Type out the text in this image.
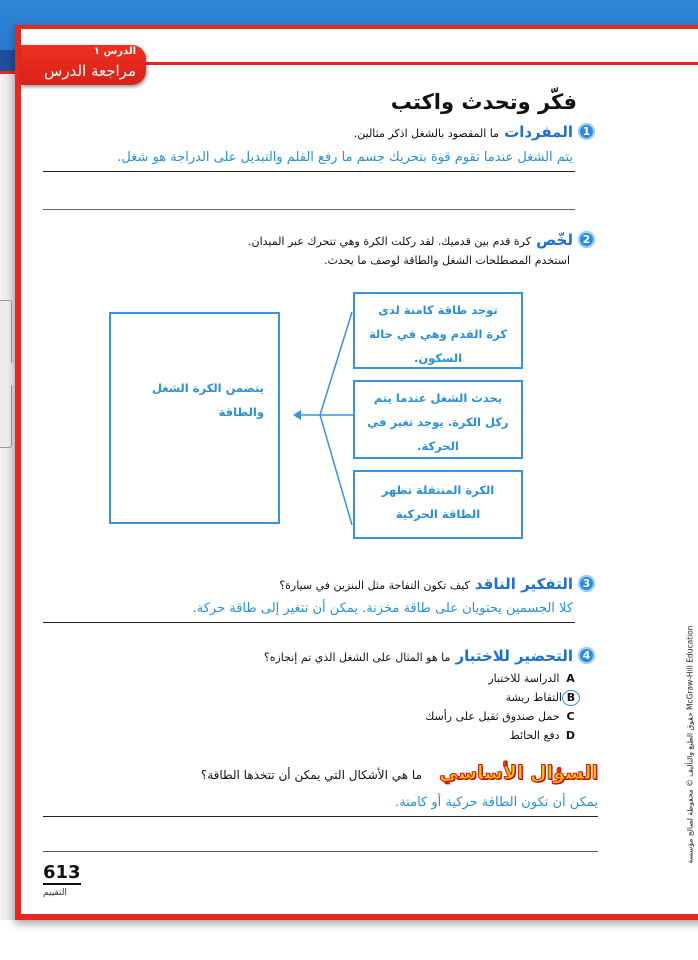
الدرس ١
مراجعة الدرس
فكّر وتحدث واكتب
1
المفردات ما المقصود بالشغل اذكر مثالين.
يتم الشغل عندما تقوم قوة بتحريك جسم ما رفع القلم والتبديل على الدراجة هو شغل.
2
لخّص كرة قدم بين قدميك. لقد ركلت الكرة وهي تتحرك عبر الميدان.
استخدم المصطلحات الشغل والطاقة لوصف ما يحدث.
يتضمن الكرة الشغل والطاقة
توجد طاقة كامنة لدى كرة القدم وهي في حالة السكون.
يحدث الشغل عندما يتم ركل الكرة. يوجد تغير في الحركة.
الكرة المنتقلة تظهر الطاقة الحركية
3
التفكير الناقد كيف تكون التفاحة مثل البنزين في سيارة؟
كلا الجسمين يحتويان على طاقة مخزنة. يمكن أن تتغير إلى طاقة حركة.
4
التحضير للاختبار ما هو المثال على الشغل الذي تم إنجازه؟
A الدراسة للاختبار
Bالتقاط ريشة
C حمل صندوق ثقيل على رأسك
D دفع الحائط
السؤال الأساسي ما هي الأشكال التي يمكن أن تتخذها الطاقة؟
يمكن أن تكون الطاقة حركية أو كامنة.
613
التقييم
McGraw-Hill Education حقوق الطبع والتأليف © محفوظة لصالح مؤسسة
